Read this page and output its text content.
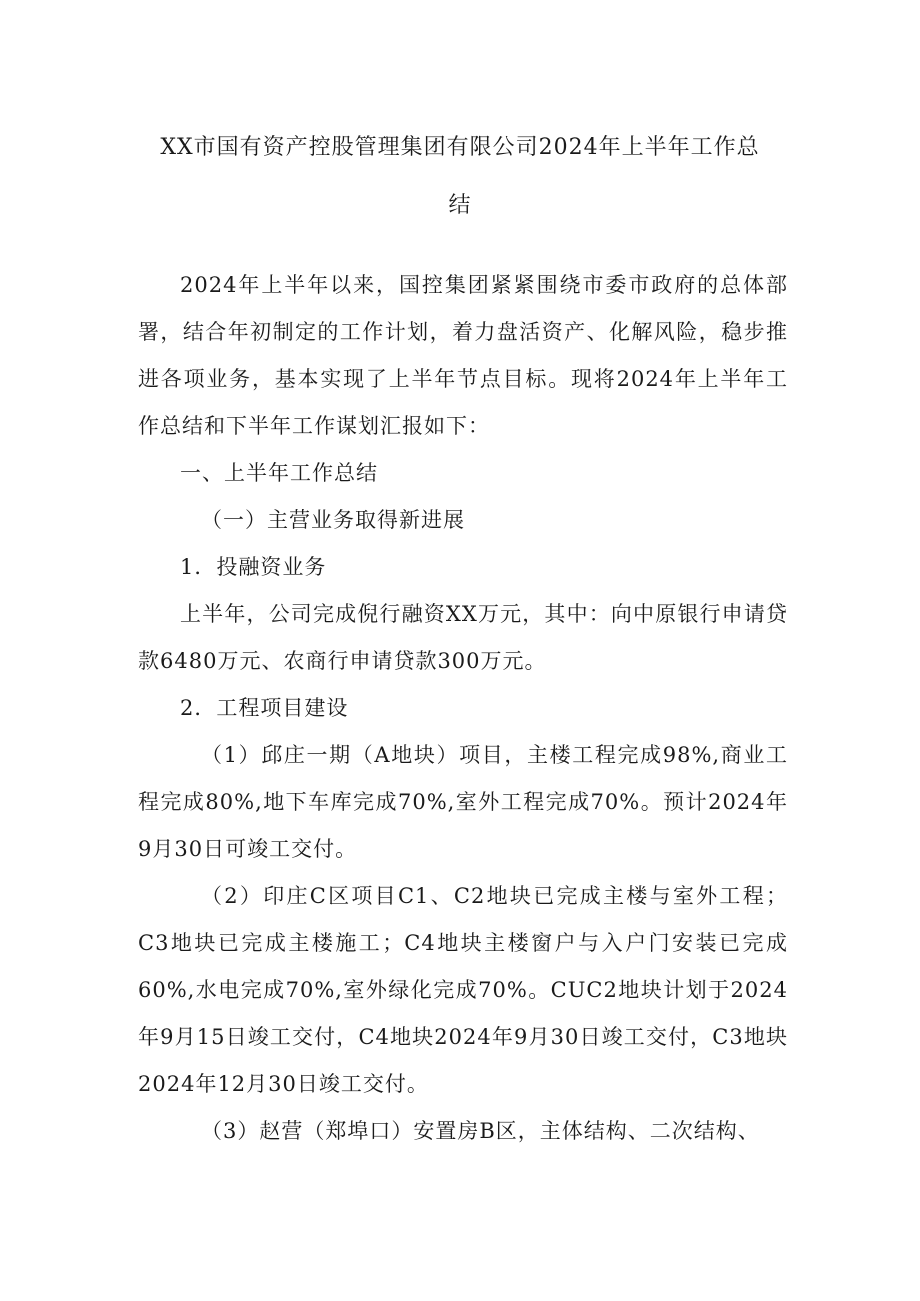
XX市国有资产控股管理集团有限公司2024年上半年工作总
结

2024年上半年以来，国控集团紧紧围绕市委市政府的总体部署，结合年初制定的工作计划，着力盘活资产、化解风险，稳步推进各项业务，基本实现了上半年节点目标。现将2024年上半年工作总结和下半年工作谋划汇报如下：

一、上半年工作总结

（一）主营业务取得新进展

1．投融资业务

上半年，公司完成倪行融资XX万元，其中：向中原银行申请贷款6480万元、农商行申请贷款300万元。

2．工程项目建设

（1）邱庄一期（A地块）项目，主楼工程完成98%,商业工程完成80%,地下车库完成70%,室外工程完成70%。预计2024年9月30日可竣工交付。

（2）印庄C区项目C1、C2地块已完成主楼与室外工程；C3地块已完成主楼施工；C4地块主楼窗户与入户门安装已完成60%,水电完成70%,室外绿化完成70%。CUC2地块计划于2024年9月15日竣工交付，C4地块2024年9月30日竣工交付，C3地块2024年12月30日竣工交付。

（3）赵营（郑埠口）安置房B区，主体结构、二次结构、
